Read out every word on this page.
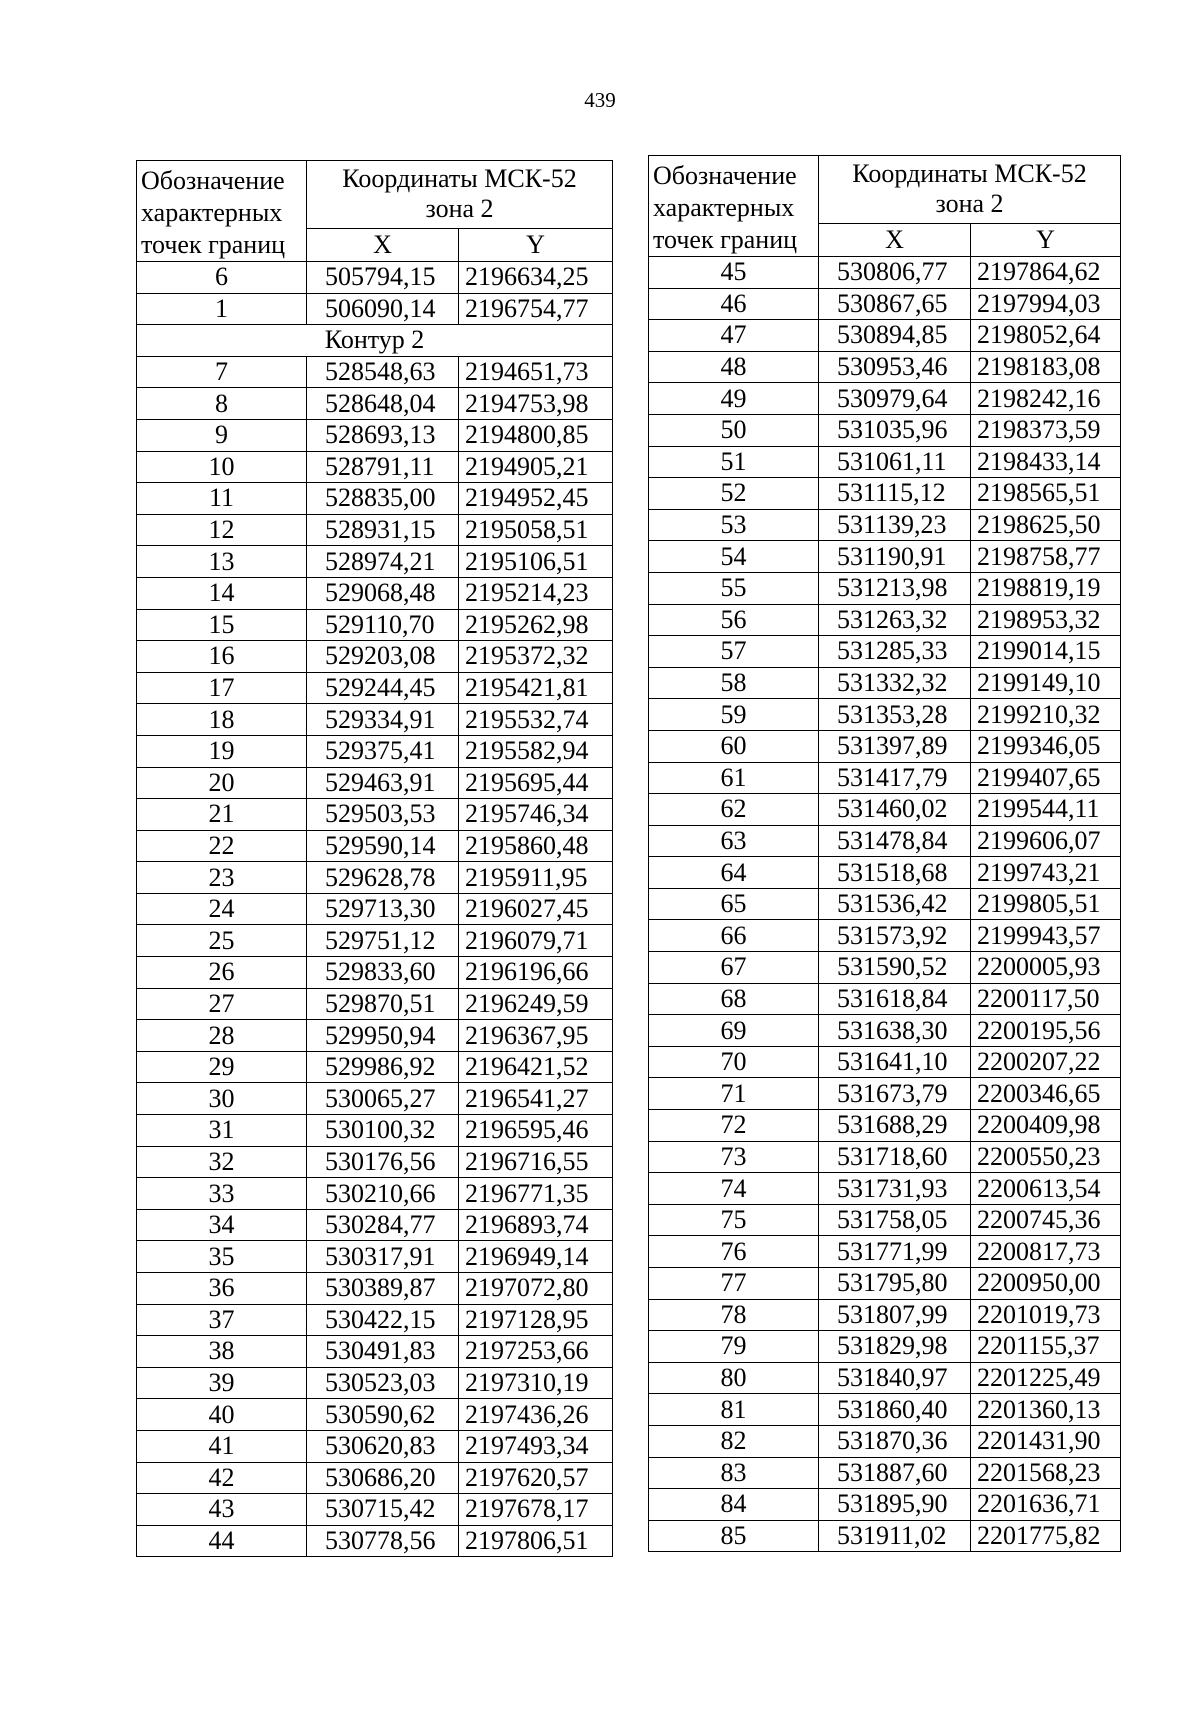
439
Обозначение
характерных
точек границ	Координаты МСК-52
зона 2	
	X	Y
6	505794,15	2196634,25
1	506090,14	2196754,77
Контур 2		
7	528548,63	2194651,73
8	528648,04	2194753,98
9	528693,13	2194800,85
10	528791,11	2194905,21
11	528835,00	2194952,45
12	528931,15	2195058,51
13	528974,21	2195106,51
14	529068,48	2195214,23
15	529110,70	2195262,98
16	529203,08	2195372,32
17	529244,45	2195421,81
18	529334,91	2195532,74
19	529375,41	2195582,94
20	529463,91	2195695,44
21	529503,53	2195746,34
22	529590,14	2195860,48
23	529628,78	2195911,95
24	529713,30	2196027,45
25	529751,12	2196079,71
26	529833,60	2196196,66
27	529870,51	2196249,59
28	529950,94	2196367,95
29	529986,92	2196421,52
30	530065,27	2196541,27
31	530100,32	2196595,46
32	530176,56	2196716,55
33	530210,66	2196771,35
34	530284,77	2196893,74
35	530317,91	2196949,14
36	530389,87	2197072,80
37	530422,15	2197128,95
38	530491,83	2197253,66
39	530523,03	2197310,19
40	530590,62	2197436,26
41	530620,83	2197493,34
42	530686,20	2197620,57
43	530715,42	2197678,17
44	530778,56	2197806,51
Обозначение
характерных
точек границ	Координаты МСК-52
зона 2	
	X	Y
45	530806,77	2197864,62
46	530867,65	2197994,03
47	530894,85	2198052,64
48	530953,46	2198183,08
49	530979,64	2198242,16
50	531035,96	2198373,59
51	531061,11	2198433,14
52	531115,12	2198565,51
53	531139,23	2198625,50
54	531190,91	2198758,77
55	531213,98	2198819,19
56	531263,32	2198953,32
57	531285,33	2199014,15
58	531332,32	2199149,10
59	531353,28	2199210,32
60	531397,89	2199346,05
61	531417,79	2199407,65
62	531460,02	2199544,11
63	531478,84	2199606,07
64	531518,68	2199743,21
65	531536,42	2199805,51
66	531573,92	2199943,57
67	531590,52	2200005,93
68	531618,84	2200117,50
69	531638,30	2200195,56
70	531641,10	2200207,22
71	531673,79	2200346,65
72	531688,29	2200409,98
73	531718,60	2200550,23
74	531731,93	2200613,54
75	531758,05	2200745,36
76	531771,99	2200817,73
77	531795,80	2200950,00
78	531807,99	2201019,73
79	531829,98	2201155,37
80	531840,97	2201225,49
81	531860,40	2201360,13
82	531870,36	2201431,90
83	531887,60	2201568,23
84	531895,90	2201636,71
85	531911,02	2201775,82
